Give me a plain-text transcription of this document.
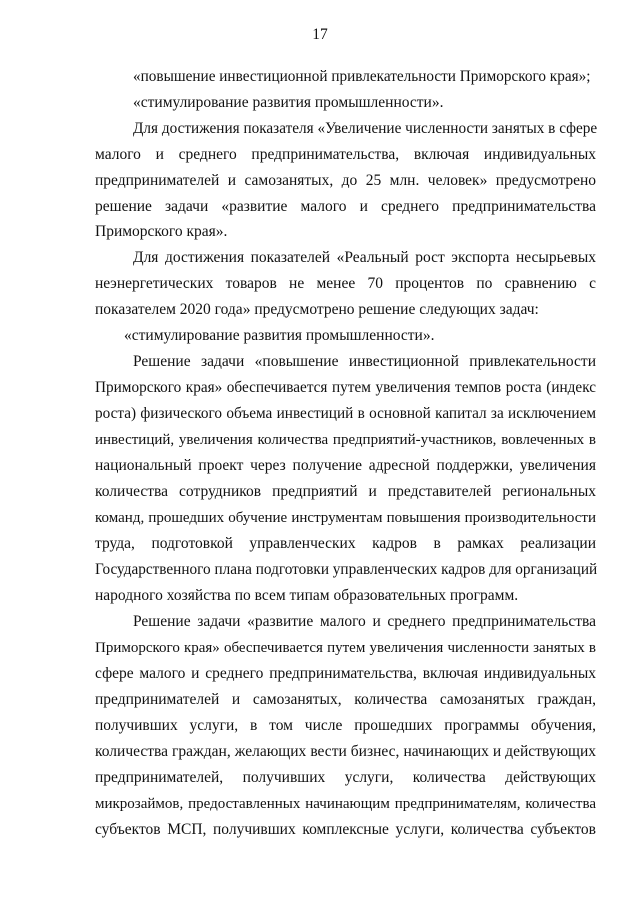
17
«повышение инвестиционной привлекательности Приморского края»;
«стимулирование развития промышленности».
Для достижения показателя «Увеличение численности занятых в сфере
малого и среднего предпринимательства, включая индивидуальных
предпринимателей и самозанятых, до 25 млн. человек» предусмотрено
решение задачи «развитие малого и среднего предпринимательства
Приморского края».
Для достижения показателей «Реальный рост экспорта несырьевых
неэнергетических товаров не менее 70 процентов по сравнению с
показателем 2020 года» предусмотрено решение следующих задач:
«стимулирование развития промышленности».
Решение задачи «повышение инвестиционной привлекательности
Приморского края» обеспечивается путем увеличения темпов роста (индекс
роста) физического объема инвестиций в основной капитал за исключением
инвестиций, увеличения количества предприятий-участников, вовлеченных в
национальный проект через получение адресной поддержки, увеличения
количества сотрудников предприятий и представителей региональных
команд, прошедших обучение инструментам повышения производительности
труда, подготовкой управленческих кадров в рамках реализации
Государственного плана подготовки управленческих кадров для организаций
народного хозяйства по всем типам образовательных программ.
Решение задачи «развитие малого и среднего предпринимательства
Приморского края» обеспечивается путем увеличения численности занятых в
сфере малого и среднего предпринимательства, включая индивидуальных
предпринимателей и самозанятых, количества самозанятых граждан,
получивших услуги, в том числе прошедших программы обучения,
количества граждан, желающих вести бизнес, начинающих и действующих
предпринимателей, получивших услуги, количества действующих
микрозаймов, предоставленных начинающим предпринимателям, количества
субъектов МСП, получивших комплексные услуги, количества субъектов
